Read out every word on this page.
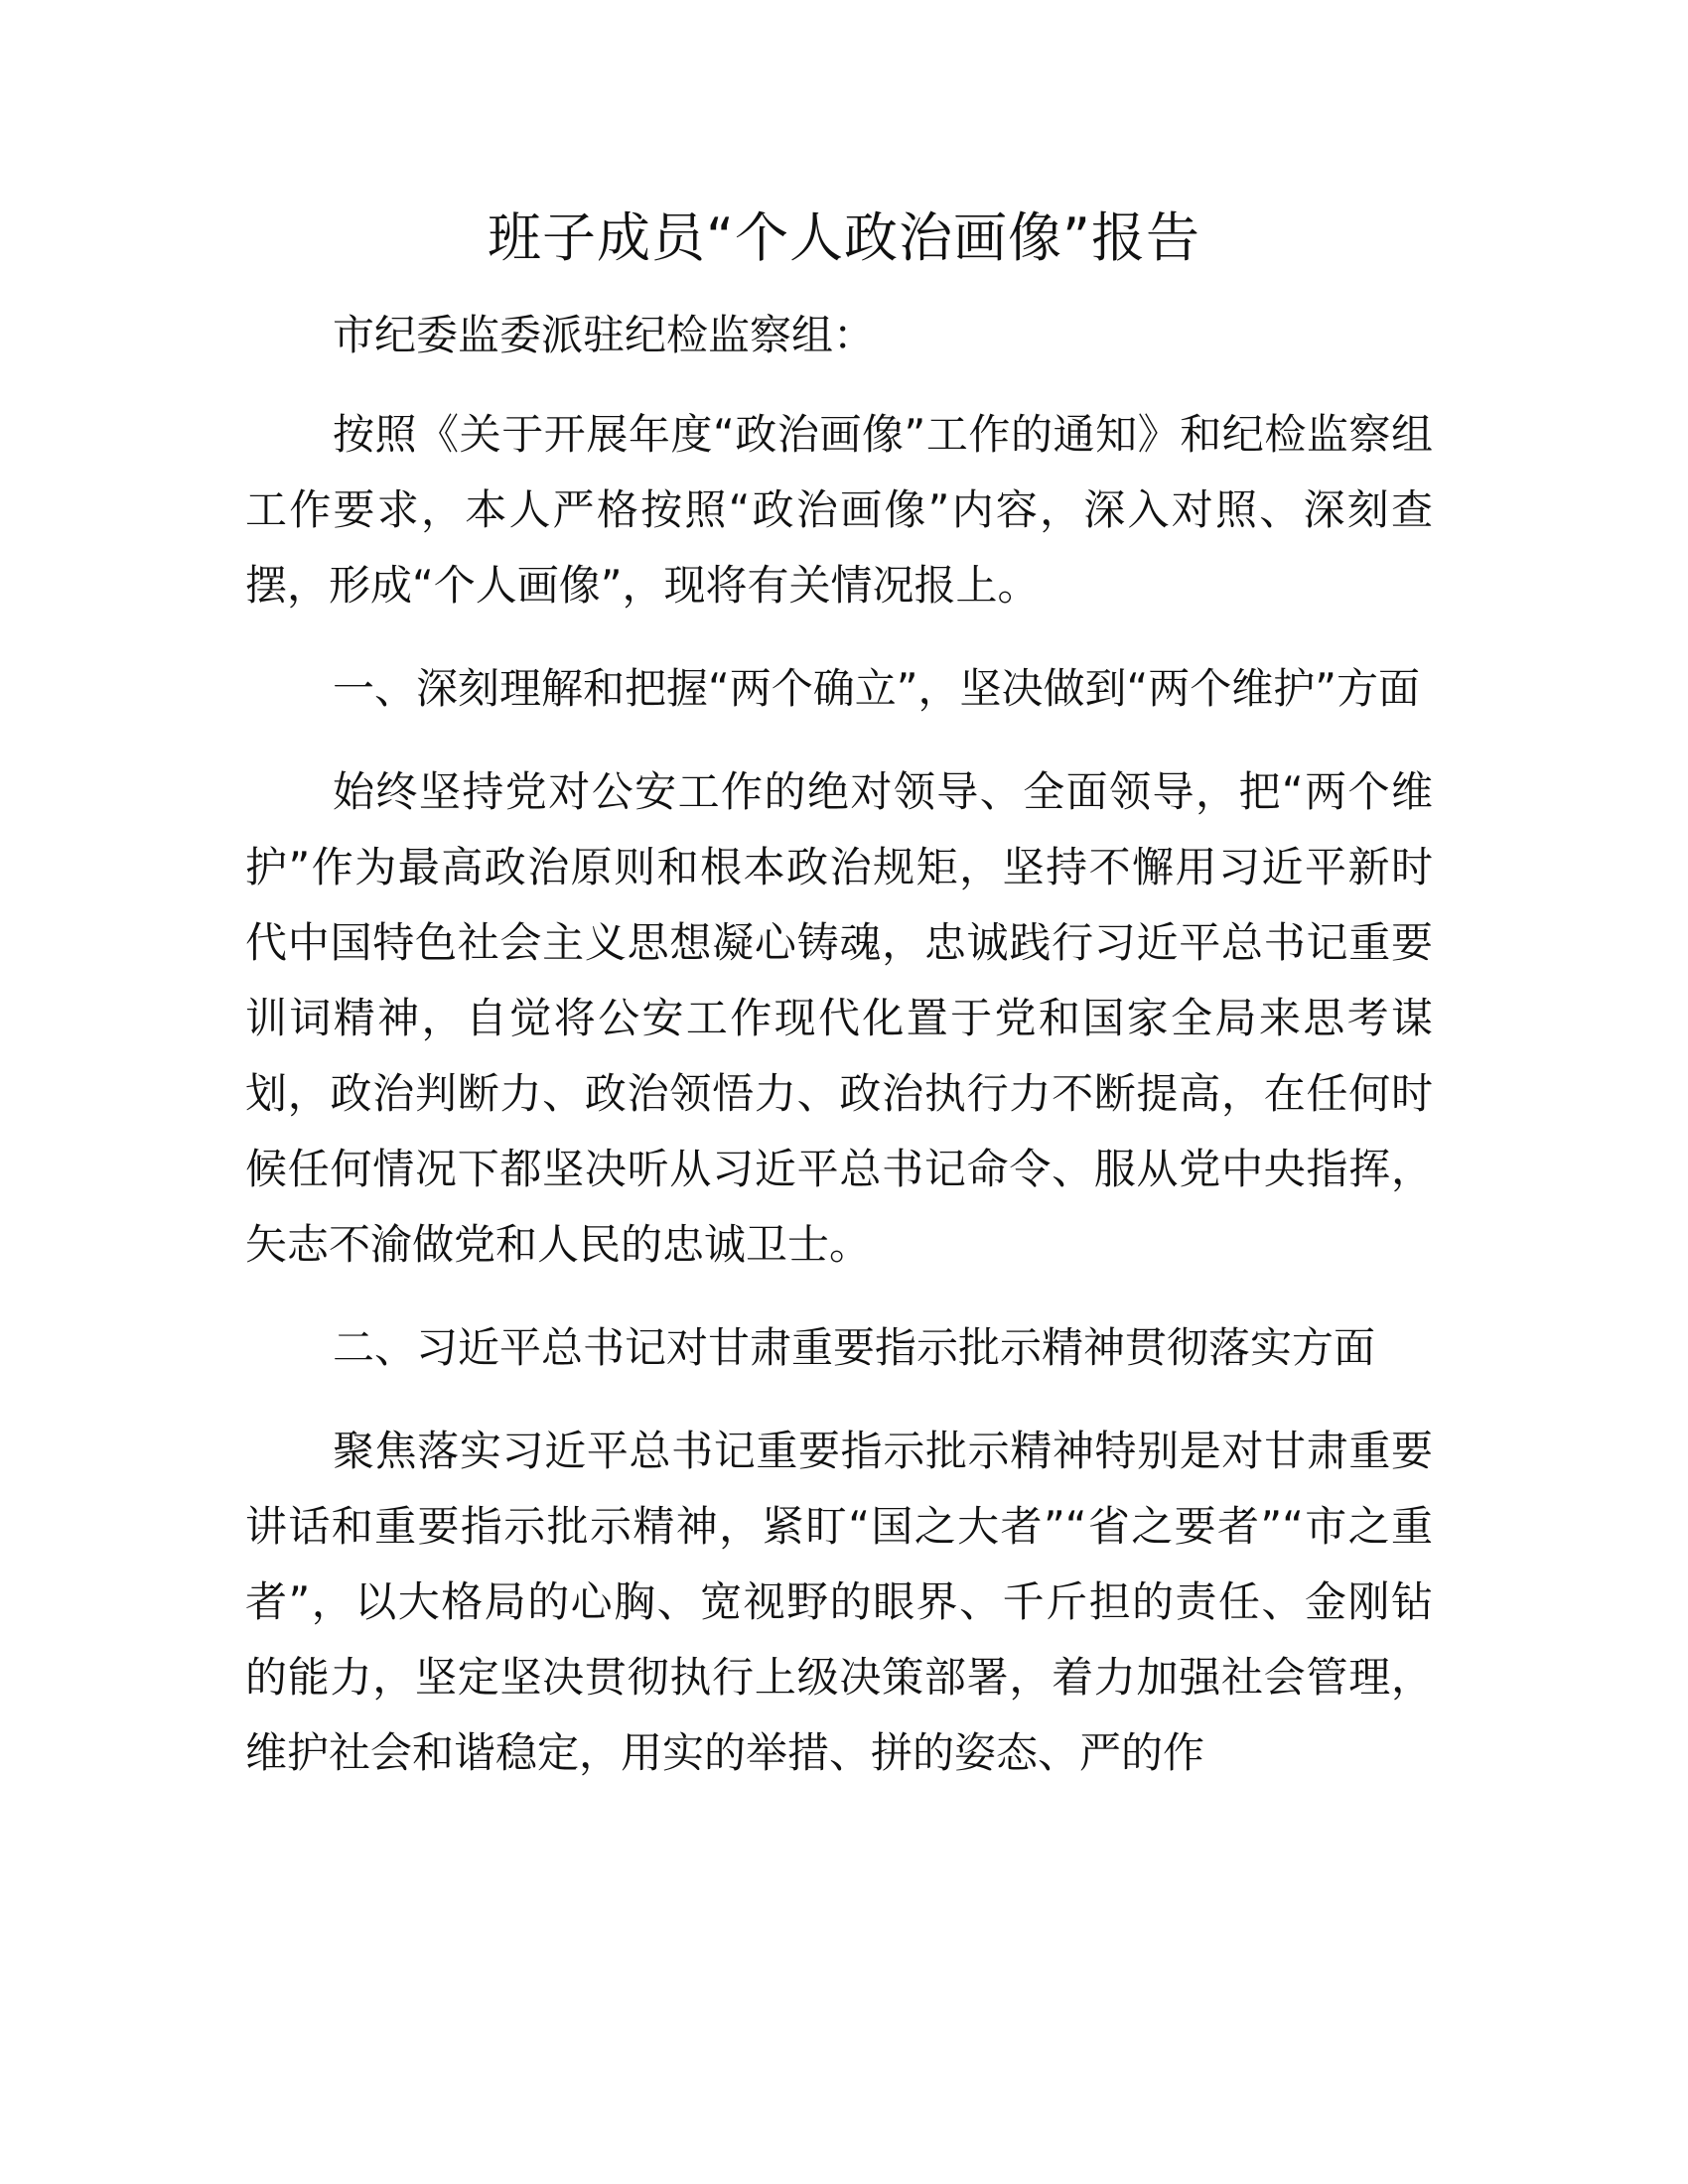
班子成员“个人政治画像”报告

市纪委监委派驻纪检监察组：

按照《关于开展年度“政治画像”工作的通知》和纪检监察组工作要求，本人严格按照“政治画像”内容，深入对照、深刻查摆，形成“个人画像”，现将有关情况报上。

一、深刻理解和把握“两个确立”，坚决做到“两个维护”方面

始终坚持党对公安工作的绝对领导、全面领导，把“两个维护”作为最高政治原则和根本政治规矩，坚持不懈用习近平新时代中国特色社会主义思想凝心铸魂，忠诚践行习近平总书记重要训词精神，自觉将公安工作现代化置于党和国家全局来思考谋划，政治判断力、政治领悟力、政治执行力不断提高，在任何时候任何情况下都坚决听从习近平总书记命令、服从党中央指挥，矢志不渝做党和人民的忠诚卫士。

二、习近平总书记对甘肃重要指示批示精神贯彻落实方面

聚焦落实习近平总书记重要指示批示精神特别是对甘肃重要讲话和重要指示批示精神，紧盯“国之大者”“省之要者”“市之重者”，以大格局的心胸、宽视野的眼界、千斤担的责任、金刚钻的能力，坚定坚决贯彻执行上级决策部署，着力加强社会管理，维护社会和谐稳定，用实的举措、拼的姿态、严的作
